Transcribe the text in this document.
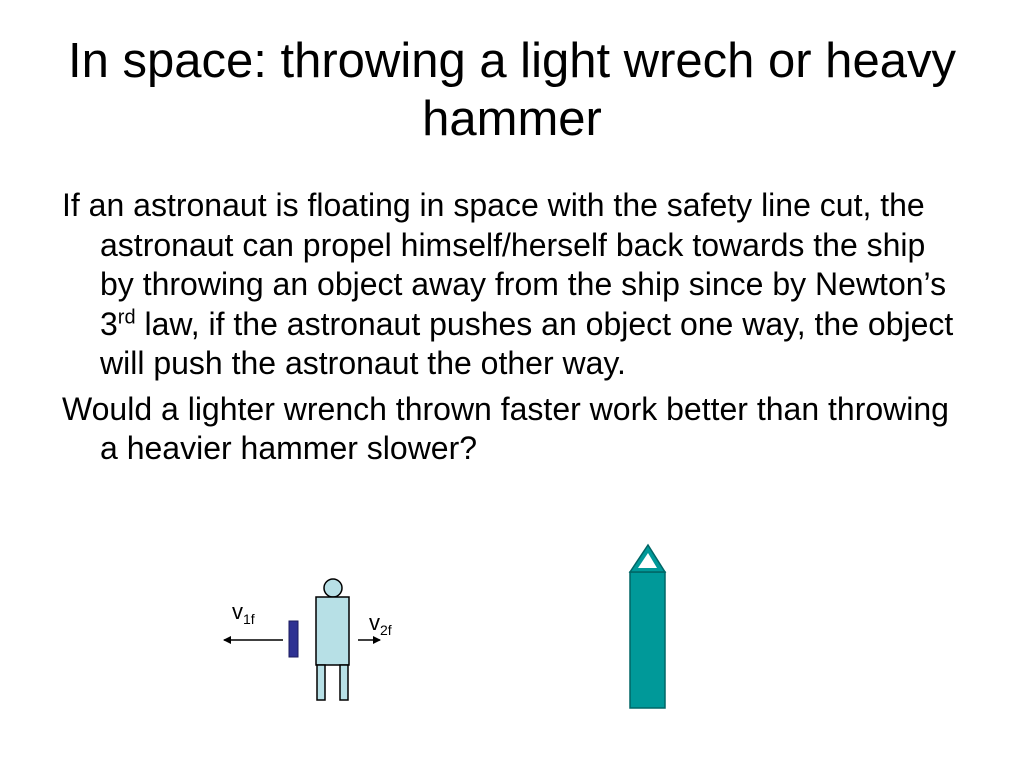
In space: throwing a light wrech or heavy hammer
If an astronaut is floating in space with the safety line cut, the astronaut can propel himself/herself back towards the ship by throwing an object away from the ship since by Newton’s 3rd law, if the astronaut pushes an object one way, the object will push the astronaut the other way.
Would a lighter wrench thrown faster work better than throwing a heavier hammer slower?
$v_{1f}$	$v_{2f}$
